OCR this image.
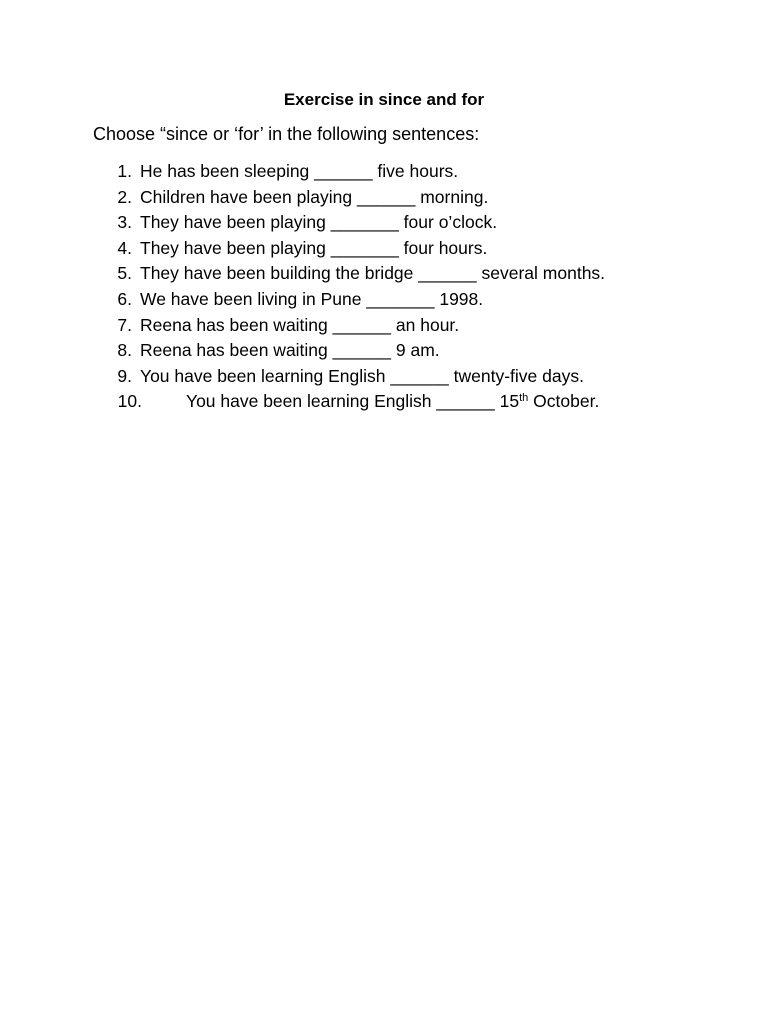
Exercise in since and for
Choose “since or ‘for’ in the following sentences:
1. He has been sleeping ______ five hours.
2. Children have been playing ______ morning.
3. They have been playing _______ four o’clock.
4. They have been playing _______ four hours.
5. They have been building the bridge ______ several months.
6. We have been living in Pune _______ 1998.
7. Reena has been waiting ______ an hour.
8. Reena has been waiting ______ 9 am.
9. You have been learning English ______ twenty-five days.
10.	You have been learning English ______ 15th October.
